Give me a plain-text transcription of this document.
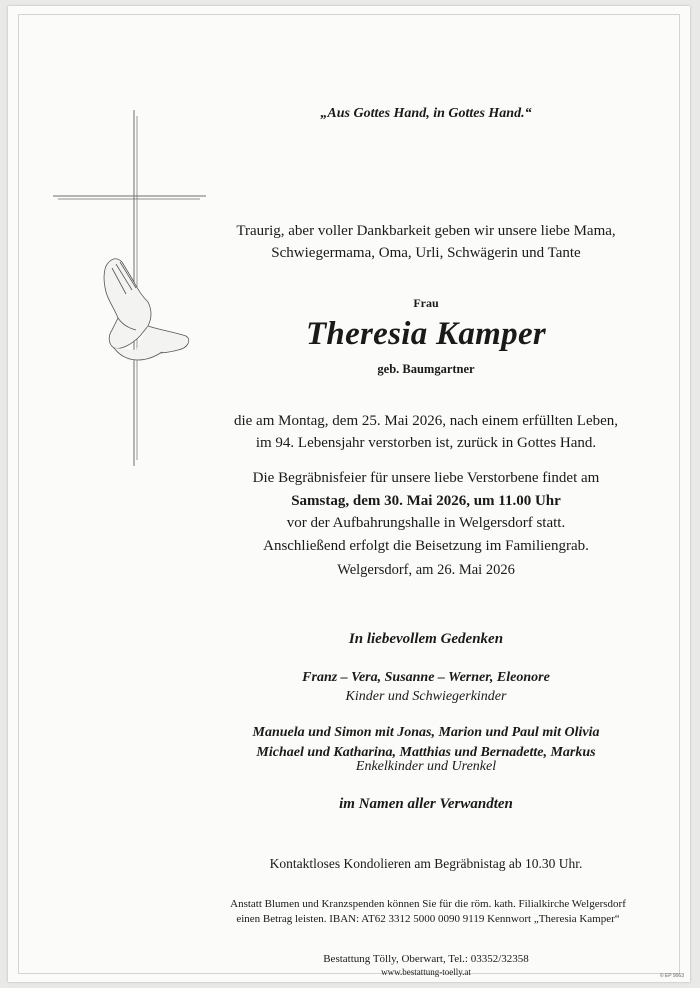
„Aus Gottes Hand, in Gottes Hand.“
Traurig, aber voller Dankbarkeit geben wir unsere liebe Mama,
Schwiegermama, Oma, Urli, Schwägerin und Tante
Frau
Theresia Kamper
geb. Baumgartner
die am Montag, dem 25. Mai 2026, nach einem erfüllten Leben,
im 94. Lebensjahr verstorben ist, zurück in Gottes Hand.
Die Begräbnisfeier für unsere liebe Verstorbene findet am
Samstag, dem 30. Mai 2026, um 11.00 Uhr
vor der Aufbahrungshalle in Welgersdorf statt.
Anschließend erfolgt die Beisetzung im Familiengrab.
Welgersdorf, am 26. Mai 2026
In liebevollem Gedenken
Franz – Vera, Susanne – Werner, Eleonore
Kinder und Schwiegerkinder
Manuela und Simon mit Jonas, Marion und Paul mit Olivia
Michael und Katharina, Matthias und Bernadette, Markus
Enkelkinder und Urenkel
im Namen aller Verwandten
Kontaktloses Kondolieren am Begräbnistag ab 10.30 Uhr.
Anstatt Blumen und Kranzspenden können Sie für die röm. kath. Filialkirche Welgersdorf
einen Betrag leisten. IBAN: AT62 3312 5000 0090 9119 Kennwort „Theresia Kamper“
Bestattung Tölly, Oberwart, Tel.: 03352/32358
www.bestattung-toelly.at	© EP 9063
